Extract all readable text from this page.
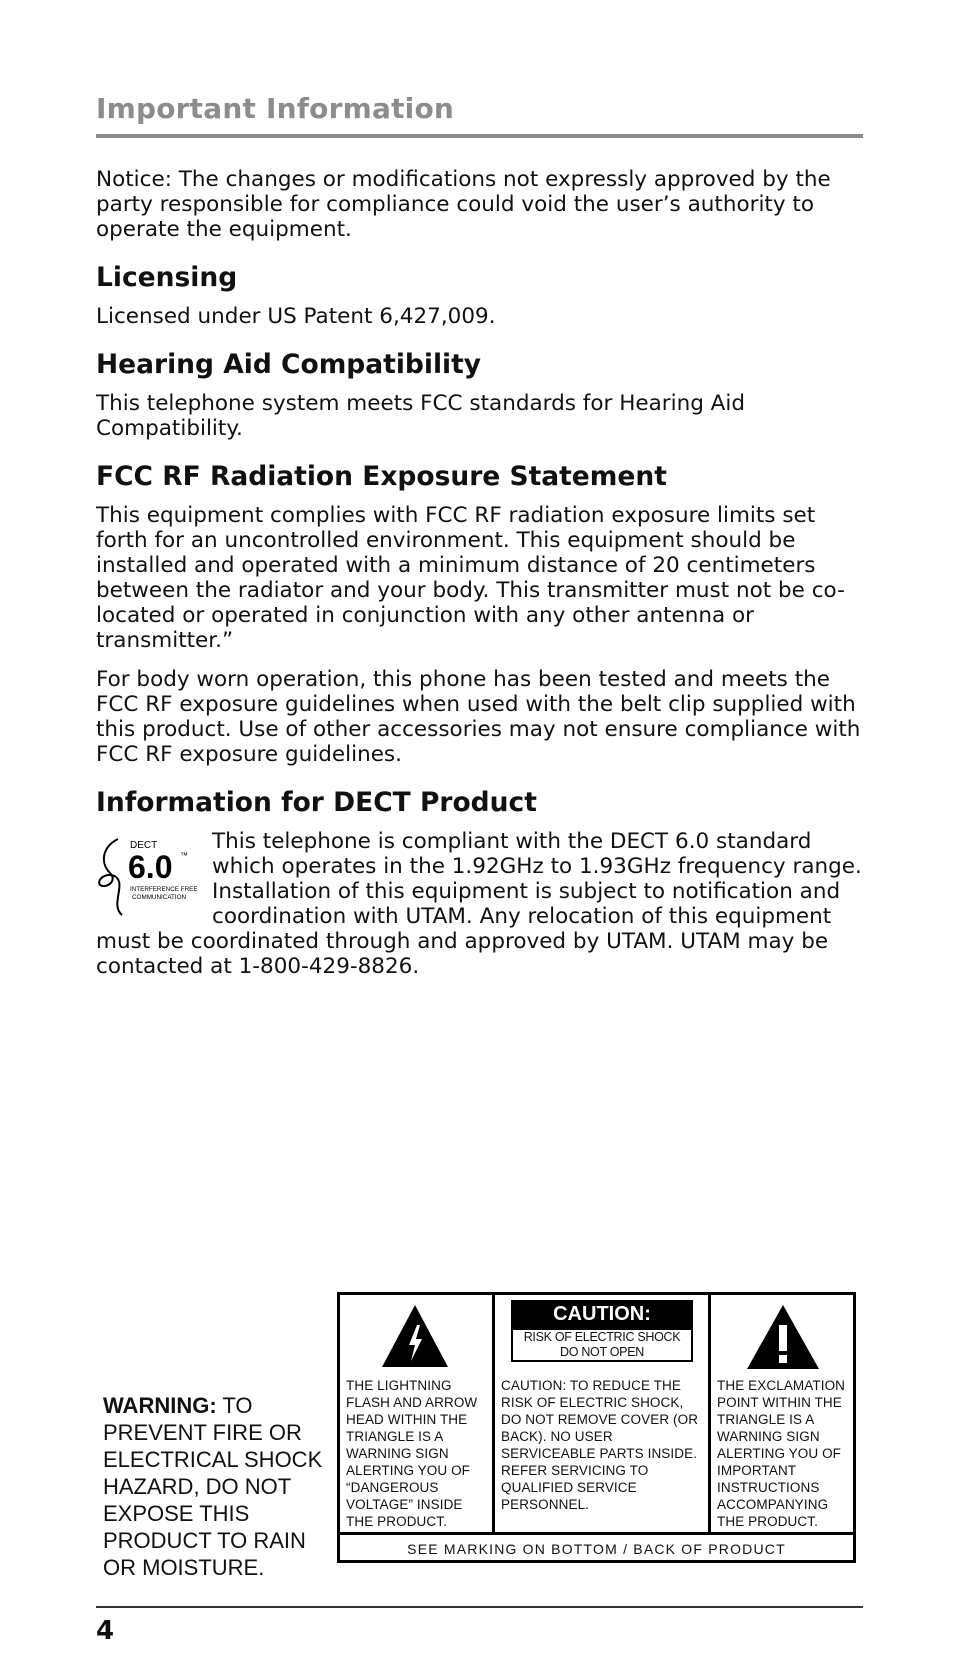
Important Information

Notice: The changes or modifications not expressly approved by the party responsible for compliance could void the user’s authority to operate the equipment.

Licensing

Licensed under US Patent 6,427,009.

Hearing Aid Compatibility

This telephone system meets FCC standards for Hearing Aid Compatibility.

FCC RF Radiation Exposure Statement

This equipment complies with FCC RF radiation exposure limits set forth for an uncontrolled environment. This equipment should be installed and operated with a minimum distance of 20 centimeters between the radiator and your body. This transmitter must not be co-located or operated in conjunction with any other antenna or transmitter.”

For body worn operation, this phone has been tested and meets the FCC RF exposure guidelines when used with the belt clip supplied with this product. Use of other accessories may not ensure compliance with FCC RF exposure guidelines.

Information for DECT Product
DECT
6.0 ™
INTERFERENCE FREE
COMMUNICATION

This telephone is compliant with the DECT 6.0 standard which operates in the 1.92GHz to 1.93GHz frequency range. Installation of this equipment is subject to notification and coordination with UTAM. Any relocation of this equipment must be coordinated through and approved by UTAM. UTAM may be contacted at 1-800-429-8826.

WARNING: TO PREVENT FIRE OR ELECTRICAL SHOCK HAZARD, DO NOT EXPOSE THIS PRODUCT TO RAIN OR MOISTURE.
THE LIGHTNING FLASH AND ARROW HEAD WITHIN THE TRIANGLE IS A WARNING SIGN ALERTING YOU OF “DANGEROUS VOLTAGE” INSIDE THE PRODUCT.
CAUTION:
RISK OF ELECTRIC SHOCK
DO NOT OPEN
CAUTION: TO REDUCE THE RISK OF ELECTRIC SHOCK, DO NOT REMOVE COVER (OR BACK). NO USER SERVICEABLE PARTS INSIDE. REFER SERVICING TO QUALIFIED SERVICE PERSONNEL.
THE EXCLAMATION POINT WITHIN THE TRIANGLE IS A WARNING SIGN ALERTING YOU OF IMPORTANT INSTRUCTIONS ACCOMPANYING THE PRODUCT.
SEE MARKING ON BOTTOM / BACK OF PRODUCT
4
